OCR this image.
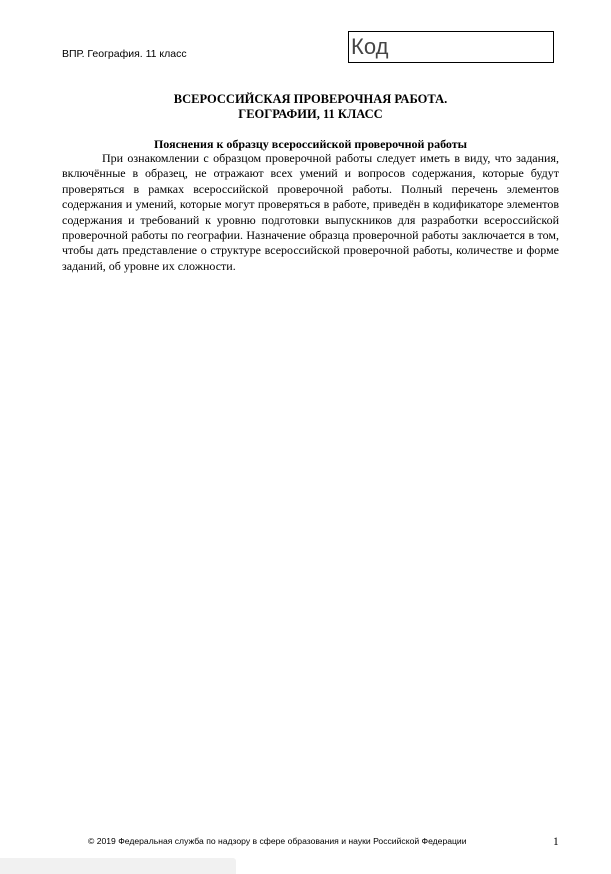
ВПР. География. 11 класс	Код
ВСЕРОССИЙСКАЯ ПРОВЕРОЧНАЯ РАБОТА.
ГЕОГРАФИИ, 11 КЛАСС
Пояснения к образцу всероссийской проверочной работы

При ознакомлении с образцом проверочной работы следует иметь в виду, что задания, включённые в образец, не отражают всех умений и вопросов содержания, которые будут проверяться в рамках всероссийской проверочной работы. Полный перечень элементов содержания и умений, которые могут проверяться в работе, приведён в кодификаторе элементов содержания и требований к уровню подготовки выпускников для разработки всероссийской проверочной работы по географии. Назначение образца проверочной работы заключается в том, чтобы дать представление о структуре всероссийской проверочной работы, количестве и форме заданий, об уровне их сложности.

© 2019 Федеральная служба по надзору в сфере образования и науки Российской Федерации	1
